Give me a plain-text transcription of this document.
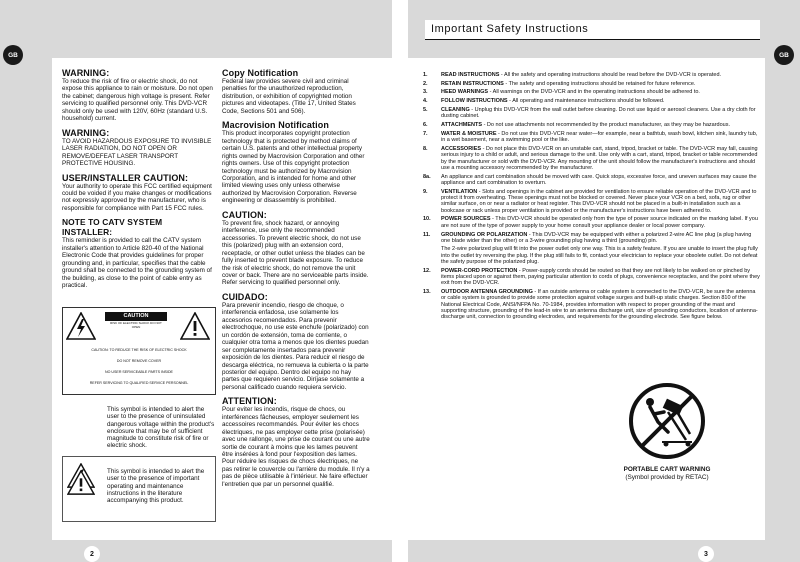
GB	GB
2	3
WARNING:

To reduce the risk of fire or electric shock, do not expose this appliance to rain or moisture. Do not open the cabinet; dangerous high voltage is present. Refer servicing to qualified personnel only. This DVD-VCR should only be used with 120V, 60Hz (standard U.S. household) current.

WARNING:

TO AVOID HAZARDOUS EXPOSURE TO INVISIBLE LASER RADIATION, DO NOT OPEN OR REMOVE/DEFEAT LASER TRANSPORT PROTECTIVE HOUSING.

USER/INSTALLER CAUTION:

Your authority to operate this FCC certified equipment could be voided if you make changes or modifications not expressly approved by the manufacturer, who is responsible for compliance with Part 15 FCC rules.

NOTE TO CATV SYSTEM INSTALLER:

This reminder is provided to call the CATV system installer's attention to Article 820-40 of the National Electronic Code that provides guidelines for proper grounding and, in particular, specifies that the cable ground shall be connected to the grounding system of the building, as close to the point of cable entry as practical.

CAUTION
RISK OF ELECTRIC SHOCK DO NOT OPEN
CAUTION: TO REDUCE THE RISK OF ELECTRIC SHOCK
DO NOT REMOVE COVER
NO USER SERVICEABLE PARTS INSIDE
REFER SERVICING TO QUALIFIED SERVICE PERSONNEL
This symbol is intended to alert the user to the presence of uninsulated dangerous voltage within the product's enclosure that may be of sufficient magnitude to constitute risk of fire or electric shock.
This symbol is intended to alert the user to the presence of important operating and maintenance instructions in the literature accompanying this product.
Copy Notification

Federal law provides severe civil and criminal penalties for the unauthorized reproduction, distribution, or exhibition of copyrighted motion pictures and videotapes. (Title 17, United States Code, Sections 501 and 506).

Macrovision Notification

This product incorporates copyright protection technology that is protected by method claims of certain U.S. patents and other intellectual property rights owned by Macrovision Corporation and other rights owners. Use of this copyright protection technology must be authorized by Macrovision Corporation, and is intended for home and other limited viewing uses only unless otherwise authorized by Macrovision Corporation. Reverse engineering or disassembly is prohibited.

CAUTION:

To prevent fire, shock hazard, or annoying interference, use only the recommended accessories. To prevent electric shock, do not use this (polarized) plug with an extension cord, receptacle, or other outlet unless the blades can be fully inserted to prevent blade exposure. To reduce the risk of electric shock, do not remove the unit cover or back. There are no serviceable parts inside. Refer servicing to qualified personnel only.

CUIDADO:

Para prevenir incendio, riesgo de choque, o interferencia enfadosa, use solamente los accesorios recomendados. Para prevenir electrochoque, no use este enchufe (polarizado) con un cordón de extensión, toma de corriente, o cualquier otra toma a menos que los dientes puedan ser completamente insertados para prevenir exposición de los dientes. Para reducir el riesgo de descarga eléctrica, no remueva la cubierta o la parte posterior del equipo. Dentro del equipo no hay partes que requieren servicio. Diríjase solamente a personal calificado cuando requiera servicio.

ATTENTION:

Pour eviter les incendis, risque de chocs, ou interférences fâcheuses, employer seulement les accessoires recommandés. Pour éviter les chocs électriques, ne pas employer cette prise (polarisée) avec une rallonge, une prise de courant ou une autre sortie de courant à moins que les lames peuvent être insérées à fond pour l'exposition des lames. Pour réduire les risques de chocs électriques, ne pas retirer le couvercle ou l'arrière du module. Il n'y a pas de pièce utilisable à l'intérieur. Ne faire effectuer l'entretien que par un personnel qualifié.

Important Safety Instructions
1.	READ INSTRUCTIONS - All the safety and operating instructions should be read before the DVD-VCR is operated.
2.	RETAIN INSTRUCTIONS - The safety and operating instructions should be retained for future reference.
3.	HEED WARNINGS - All warnings on the DVD-VCR and in the operating instructions should be adhered to.
4.	FOLLOW INSTRUCTIONS - All operating and maintenance instructions should be followed.
5.	CLEANING - Unplug this DVD-VCR from the wall outlet before cleaning. Do not use liquid or aerosol cleaners. Use a dry cloth for dusting cabinet.
6.	ATTACHMENTS - Do not use attachments not recommended by the product manufacturer, as they may be hazardous.
7.	WATER & MOISTURE - Do not use this DVD-VCR near water—for example, near a bathtub, wash bowl, kitchen sink, laundry tub, in a wet basement, near a swimming pool or the like.
8.	ACCESSORIES - Do not place this DVD-VCR on an unstable cart, stand, tripod, bracket or table. The DVD-VCR may fall, causing serious injury to a child or adult, and serious damage to the unit. Use only with a cart, stand, tripod, bracket or table recommended by the manufacturer or sold with the DVD-VCR. Any mounting of the unit should follow the manufacturer's instructions and should use a mounting accessory recommended by the manufacturer.
8a.	An appliance and cart combination should be moved with care. Quick stops, excessive force, and uneven surfaces may cause the appliance and cart combination to overturn.
9.	VENTILATION - Slots and openings in the cabinet are provided for ventilation to ensure reliable operation of the DVD-VCR and to protect it from overheating. These openings must not be blocked or covered. Never place your VCR on a bed, sofa, rug or other similar surface, on or near a radiator or heat register. This DVD-VCR should not be placed in a built-in installation such as a bookcase or rack unless proper ventilation is provided or the manufacturer's instructions have been adhered to.
10.	POWER SOURCES - This DVD-VCR should be operated only from the type of power source indicated on the marking label. If you are not sure of the type of power supply to your home consult your appliance dealer or local power company.
11.	GROUNDING OR POLARIZATION - This DVD-VCR may be equipped with either a polarized 2-wire AC line plug (a plug having one blade wider than the other) or a 3-wire grounding plug having a third (grounding) pin.
The 2-wire polarized plug will fit into the power outlet only one way. This is a safety feature. If you are unable to insert the plug fully into the outlet try reversing the plug. If the plug still fails to fit, contact your electrician to replace your obsolete outlet. Do not defeat the safety purpose of the polarized plug.
12.	POWER-CORD PROTECTION - Power-supply cords should be routed so that they are not likely to be walked on or pinched by items placed upon or against them, paying particular attention to cords of plugs, convenience receptacles, and the point where they exit from the DVD-VCR.
13.	OUTDOOR ANTENNA GROUNDING - If an outside antenna or cable system is connected to the DVD-VCR, be sure the antenna or cable system is grounded to provide some protection against voltage surges and built-up static charges. Section 810 of the National Electrical Code, ANSI/NFPA No. 70-1984, provides information with respect to proper grounding of the mast and supporting structure, grounding of the lead-in wire to an antenna discharge unit, size of grounding conductors, location of antenna-discharge unit, connection to grounding electrodes, and requirements for the grounding electrode. See figure below.
PORTABLE CART WARNING
(Symbol provided by RETAC)
